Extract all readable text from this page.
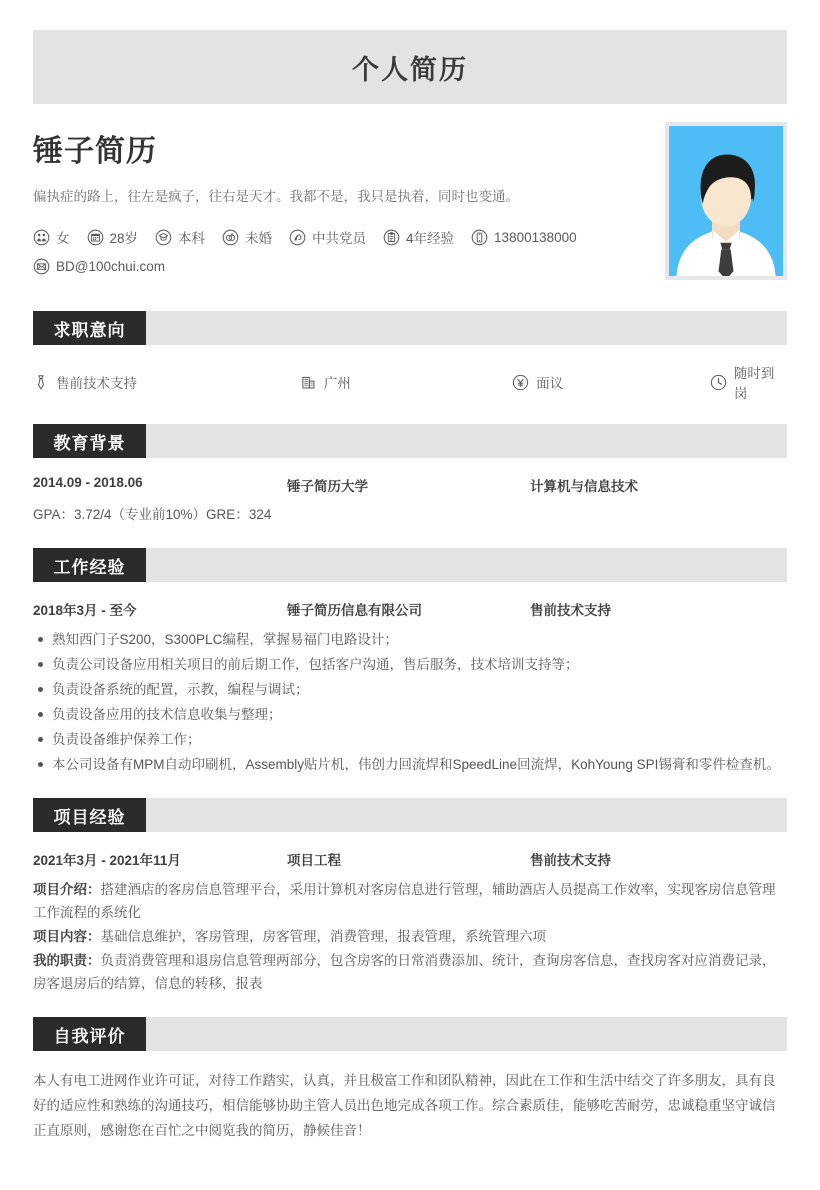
个人简历
锤子简历
偏执症的路上，往左是疯子，往右是天才。我都不是，我只是执着，同时也变通。
女	28岁	本科	未婚	中共党员	4年经验	13800138000
BD@100chui.com
求职意向
售前技术支持	广州	面议
随时到岗
教育背景
2014.09 - 2018.06	锤子简历大学	计算机与信息技术
GPA：3.72/4（专业前10%）GRE：324
工作经验
2018年3月 - 至今	锤子简历信息有限公司	售前技术支持
熟知西门子S200，S300PLC编程，掌握易福门电路设计；
负责公司设备应用相关项目的前后期工作，包括客户沟通，售后服务，技术培训支持等；
负责设备系统的配置，示教，编程与调试；
负责设备应用的技术信息收集与整理；
负责设备维护保养工作；
本公司设备有MPM自动印刷机，Assembly贴片机，伟创力回流焊和SpeedLine回流焊，KohYoung SPI锡膏和零件检查机。
项目经验
2021年3月 - 2021年11月	项目工程	售前技术支持
项目介绍：搭建酒店的客房信息管理平台，采用计算机对客房信息进行管理，辅助酒店人员提高工作效率，实现客房信息管理工作流程的系统化
项目内容：基础信息维护，客房管理，房客管理，消费管理，报表管理，系统管理六项
我的职责：负责消费管理和退房信息管理两部分，包含房客的日常消费添加、统计，查询房客信息，查找房客对应消费记录，房客退房后的结算，信息的转移，报表
自我评价
本人有电工进网作业许可证，对待工作踏实，认真，并且极富工作和团队精神，因此在工作和生活中结交了许多朋友，具有良好的适应性和熟练的沟通技巧，相信能够协助主管人员出色地完成各项工作。综合素质佳，能够吃苦耐劳，忠诚稳重坚守诚信正直原则，感谢您在百忙之中阅览我的简历，静候佳音！
